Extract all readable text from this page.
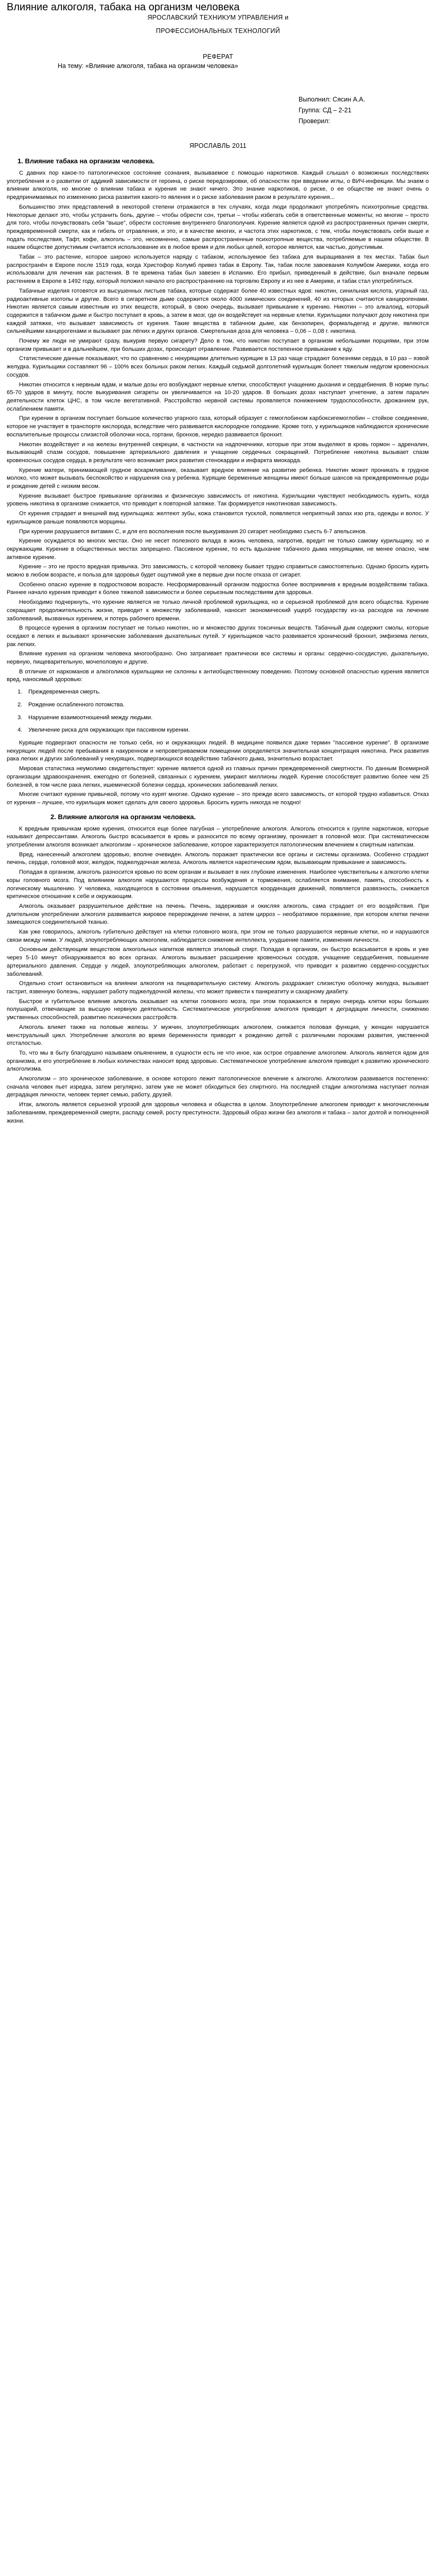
Влияние алкоголя, табака на организм человека
ЯРОСЛАВСКИЙ ТЕХНИКУМ УПРАВЛЕНИЯ и
ПРОФЕССИОНАЛЬНЫХ ТЕХНОЛОГИЙ
РЕФЕРАТ
На тему: «Влияние алкоголя, табака на организм человека»
Выполнил: Сясин А.А.
Группа: СД – 2-21
Проверил:
ЯРОСЛАВЛЬ 2011
1. Влияние табака на организм человека.

С давних пор какое-то патологическое состояние сознания, вызываемое с помощью наркотиков. Каждый слышал о возможных последствиях употребления и о развитии от аддикий зависимости от героина, о риске передозировки, об опасностях при введении иглы, о ВИЧ-инфекции. Мы знаем о влиянии алкоголя, но многие о влиянии табака и курения не знают ничего. Это знание наркотиков, о риске, о ее обществе не знают очень о предпринимаемых по изменению риска развития какого-то явления и о риске заболевания раком в результате курения...

Большинство этих представлений в некоторой степени отражаются в тех случаях, когда люди продолжают употреблять психотропные средства. Некоторые делают это, чтобы устранить боль, другие – чтобы обрести сон, третьи – чтобы избегать себя в ответственные моменты; но многие – просто для того, чтобы почувствовать себя "выше", обрести состояние внутреннего благополучия. Курение является одной из распространенных причин смерти, преждевременной смерти, как и гибель от отравления, и это, и в качестве многих, и частота этих наркотиков, с тем, чтобы почувствовать себя выше и подать последствия, Тафт, кофе, алкоголь – это, несомненно, самые распространенные психотропные вещества, потребляемые в нашем обществе. В нашем обществе допустимым считается использование их в любое время и для любых целей, которое является, как частью, допустимым.

Табак – это растение, которое широко используется наряду с табаком, используемое без табака для выращивания в тех местах. Табак был распространён в Европе после 1519 года, когда Христофор Колумб привез табак в Европу. Так, табак после завоевания Колумбом Америки, когда его использовали для лечения как растения. В те времена табак был завезен в Испанию. Его прибыл, приведенный в действие, был вначале первым растением в Европе в 1492 году, который положил начало его распространению на торговлю Европу и из нее в Америке, и табак стал употребляться.

Табачные изделия готовятся из высушенных листьев табака, которые содержат более 40 известных ядов: никотин, синильная кислота, угарный газ, радиоактивные изотопы и другие. Всего в сигаретном дыме содержится около 4000 химических соединений, 40 из которых считаются канцерогенами. Никотин является самым известным из этих веществ, который, в свою очередь, вызывает привыкание к курению. Никотин – это алкалоид, который содержится в табачном дыме и быстро поступает в кровь, а затем в мозг, где он воздействует на нервные клетки. Курильщики получают дозу никотина при каждой затяжке, что вызывает зависимость от курения. Такие вещества в табачном дыме, как бензопирен, формальдегид и другие, являются сильнейшими канцерогенами и вызывают рак лёгких и других органов. Смертельная доза для человека – 0,06 – 0,08 г. никотина.

Почему же люди не умирают сразу, выкурив первую сигарету? Дело в том, что никотин поступает в организм небольшими порциями, при этом организм привыкает и в дальнейшем, при больших дозах, происходит отравление. Развивается постепенное привыкание к яду.

Статистические данные показывают, что по сравнению с некурящими длительно курящие в 13 раз чаще страдают болезнями сердца, в 10 раз – язвой желудка. Курильщики составляют 96 – 100% всех больных раком легких. Каждый седьмой долголетний курильщик болеет тяжелым недугом кровеносных сосудов.

Никотин относится к нервным ядам, и малые дозы его возбуждают нервные клетки, способствуют учащению дыхания и сердцебиения. В норме пульс 65-70 ударов в минуту, после выкуривания сигареты он увеличивается на 10-20 ударов. В больших дозах наступает угнетение, а затем паралич деятельности клеток ЦНС, в том числе вегетативной. Расстройство нервной системы проявляется понижением трудоспособности, дрожанием рук, ослаблением памяти.

При курении в организм поступает большое количество угарного газа, который образует с гемоглобином карбоксигемоглобин – стойкое соединение, которое не участвует в транспорте кислорода, вследствие чего развивается кислородное голодание. Кроме того, у курильщиков наблюдаются хронические воспалительные процессы слизистой оболочки носа, гортани, бронхов, нередко развивается бронхит.

Никотин воздействует и на железы внутренней секреции, в частности на надпочечники, которые при этом выделяют в кровь гормон – адреналин, вызывающий спазм сосудов, повышение артериального давления и учащение сердечных сокращений. Потребление никотина вызывает спазм кровеносных сосудов сердца, в результате чего возникает риск развития стенокардии и инфаркта миокарда.

Курение матери, принимающей грудное вскармливание, оказывает вредное влияние на развитие ребенка. Никотин может проникать в грудное молоко, что может вызывать беспокойство и нарушения сна у ребенка. Курящие беременные женщины имеют больше шансов на преждевременные роды и рождение детей с низким весом.

Курение вызывает быстрое привыкание организма и физическую зависимость от никотина. Курильщики чувствуют необходимость курить, когда уровень никотина в организме снижается, что приводит к повторной затяжке. Так формируется никотиновая зависимость.

От курения страдает и внешний вид курильщика: желтеют зубы, кожа становится тусклой, появляется неприятный запах изо рта, одежды и волос. У курильщиков раньше появляются морщины.

При курении разрушается витамин С, и для его восполнения после выкуривания 20 сигарет необходимо съесть 6-7 апельсинов.

Курение осуждается во многих местах. Оно не несет полезного вклада в жизнь человека, напротив, вредит не только самому курильщику, но и окружающим. Курение в общественных местах запрещено. Пассивное курение, то есть вдыхание табачного дыма некурящими, не менее опасно, чем активное курение.

Курение – это не просто вредная привычка. Это зависимость, с которой человеку бывает трудно справиться самостоятельно. Однако бросить курить можно в любом возрасте, и польза для здоровья будет ощутимой уже в первые дни после отказа от сигарет.

Особенно опасно курение в подростковом возрасте. Несформированный организм подростка более восприимчив к вредным воздействиям табака. Раннее начало курения приводит к более тяжелой зависимости и более серьезным последствиям для здоровья.

Необходимо подчеркнуть, что курение является не только личной проблемой курильщика, но и серьезной проблемой для всего общества. Курение сокращает продолжительность жизни, приводит к множеству заболеваний, наносит экономический ущерб государству из-за расходов на лечение заболеваний, вызванных курением, и потерь рабочего времени.

В процессе курения в организм поступает не только никотин, но и множество других токсичных веществ. Табачный дым содержит смолы, которые оседают в легких и вызывают хронические заболевания дыхательных путей. У курильщиков часто развивается хронический бронхит, эмфизема легких, рак легких.

Влияние курения на организм человека многообразно. Оно затрагивает практически все системы и органы: сердечно-сосудистую, дыхательную, нервную, пищеварительную, мочеполовую и другие.

В отличие от наркоманов и алкоголиков курильщики не склонны к антиобщественному поведению. Поэтому основной опасностью курения является вред, наносимый здоровью:

1. Преждевременная смерть.
2. Рождение ослабленного потомства.
3. Нарушение взаимоотношений между людьми.
4. Увеличение риска для окружающих при пассивном курении.

Курящие подвергают опасности не только себя, но и окружающих людей. В медицине появился даже термин "пассивное курение". В организме некурящих людей после пребывания в накуренном и непроветриваемом помещении определяется значительная концентрация никотина. Риск развития рака легких и других заболеваний у некурящих, подвергающихся воздействию табачного дыма, значительно возрастает.

Мировая статистика неумолимо свидетельствует: курение является одной из главных причин преждевременной смертности. По данным Всемирной организации здравоохранения, ежегодно от болезней, связанных с курением, умирают миллионы людей. Курение способствует развитию более чем 25 болезней, в том числе рака легких, ишемической болезни сердца, хронических заболеваний легких.

Многие считают курение привычкой, потому что курят многие. Однако курение – это прежде всего зависимость, от которой трудно избавиться. Отказ от курения – лучшее, что курильщик может сделать для своего здоровья. Бросить курить никогда не поздно!

2. Влияние алкоголя на организм человека.

К вредным привычкам кроме курения, относится еще более пагубная – употребление алкоголя. Алкоголь относится к группе наркотиков, которые называют депрессантами. Алкоголь быстро всасывается в кровь и разносится по всему организму, проникает в головной мозг. При систематическом употреблении алкоголя возникает алкоголизм – хроническое заболевание, которое характеризуется патологическим влечением к спиртным напиткам.

Вред, нанесенный алкоголем здоровью, вполне очевиден. Алкоголь поражает практически все органы и системы организма. Особенно страдают печень, сердце, головной мозг, желудок, поджелудочная железа. Алкоголь является наркотическим ядом, вызывающим привыкание и зависимость.

Попадая в организм, алкоголь разносится кровью по всем органам и вызывает в них глубокие изменения. Наиболее чувствительны к алкоголю клетки коры головного мозга. Под влиянием алкоголя нарушаются процессы возбуждения и торможения, ослабляется внимание, память, способность к логическому мышлению. У человека, находящегося в состоянии опьянения, нарушается координация движений, появляется развязность, снижается критическое отношение к себе и окружающим.

Алкоголь оказывает разрушительное действие на печень. Печень, задерживая и окисляя алкоголь, сама страдает от его воздействия. При длительном употреблении алкоголя развивается жировое перерождение печени, а затем цирроз – необратимое поражение, при котором клетки печени замещаются соединительной тканью.

Как уже говорилось, алкоголь губительно действует на клетки головного мозга, при этом не только разрушаются нервные клетки, но и нарушаются связи между ними. У людей, злоупотребляющих алкоголем, наблюдается снижение интеллекта, ухудшение памяти, изменения личности.

Основным действующим веществом алкогольных напитков является этиловый спирт. Попадая в организм, он быстро всасывается в кровь и уже через 5-10 минут обнаруживается во всех органах. Алкоголь вызывает расширение кровеносных сосудов, учащение сердцебиения, повышение артериального давления. Сердце у людей, злоупотребляющих алкоголем, работает с перегрузкой, что приводит к развитию сердечно-сосудистых заболеваний.

Отдельно стоит остановиться на влиянии алкоголя на пищеварительную систему. Алкоголь раздражает слизистую оболочку желудка, вызывает гастрит, язвенную болезнь, нарушает работу поджелудочной железы, что может привести к панкреатиту и сахарному диабету.

Быстрое и губительное влияние алкоголь оказывает на клетки головного мозга, при этом поражаются в первую очередь клетки коры больших полушарий, отвечающие за высшую нервную деятельность. Систематическое употребление алкоголя приводит к деградации личности, снижению умственных способностей, развитию психических расстройств.

Алкоголь влияет также на половые железы. У мужчин, злоупотребляющих алкоголем, снижается половая функция, у женщин нарушается менструальный цикл. Употребление алкоголя во время беременности приводит к рождению детей с различными пороками развития, умственной отсталостью.

То, что мы в быту благодушно называем опьянением, в сущности есть не что иное, как острое отравление алкоголем. Алкоголь является ядом для организма, и его употребление в любых количествах наносит вред здоровью. Систематическое употребление алкоголя приводит к развитию хронического алкоголизма.

Алкоголизм – это хроническое заболевание, в основе которого лежит патологическое влечение к алкоголю. Алкоголизм развивается постепенно: сначала человек пьет изредка, затем регулярно, затем уже не может обходиться без спиртного. На последней стадии алкоголизма наступает полная деградация личности, человек теряет семью, работу, друзей.

Итак, алкоголь является серьезной угрозой для здоровья человека и общества в целом. Злоупотребление алкоголем приводит к многочисленным заболеваниям, преждевременной смерти, распаду семей, росту преступности. Здоровый образ жизни без алкоголя и табака – залог долгой и полноценной жизни.
